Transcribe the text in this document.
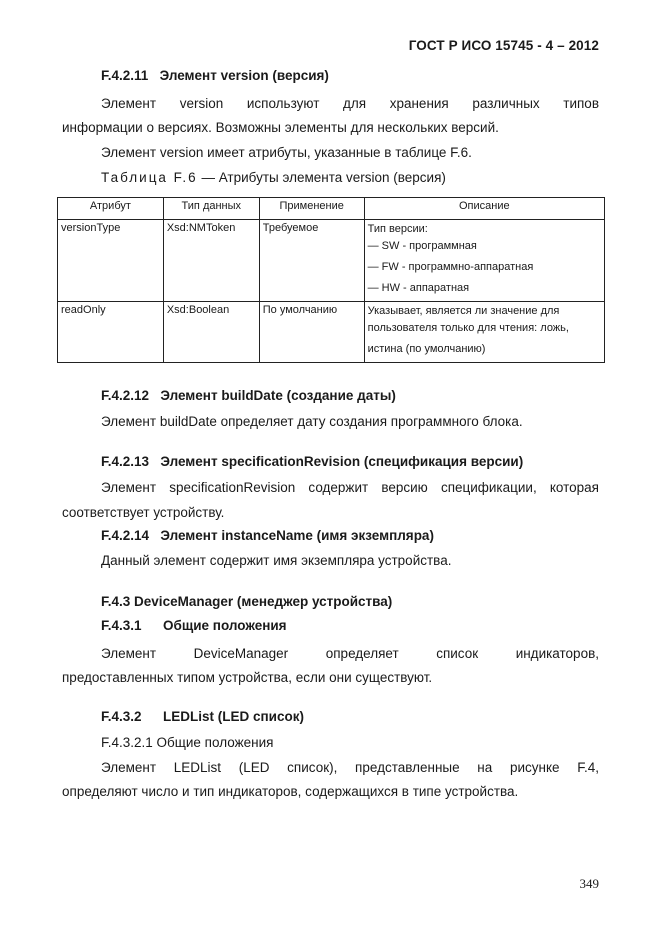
ГОСТ Р ИСО 15745 - 4 – 2012
F.4.2.11 Элемент version (версия)
Элемент version используют для хранения различных типов
информации о версиях. Возможны элементы для нескольких версий.
Элемент version имеет атрибуты, указанные в таблице F.6.
Таблица F.6 — Атрибуты элемента version (версия)
Атрибут	Тип данных	Применение	Описание
versionType	Xsd:NMToken	Требуемое	Тип версии:
— SW - программная
— FW - программно-аппаратная
— HW - аппаратная

readOnly	Xsd:Boolean	По умолчанию	Указывает, является ли значение для
пользователя только для чтения: ложь,
истина (по умолчанию)
F.4.2.12 Элемент buildDate (создание даты)
Элемент buildDate определяет дату создания программного блока.
F.4.2.13 Элемент specificationRevision (спецификация версии)
Элемент specificationRevision содержит версию спецификации, которая
соответствует устройству.
F.4.2.14 Элемент instanceName (имя экземпляра)
Данный элемент содержит имя экземпляра устройства.
F.4.3 DeviceManager (менеджер устройства)
F.4.3.1 Общие положения
Элемент DeviceManager определяет список индикаторов,
предоставленных типом устройства, если они существуют.
F.4.3.2 LEDList (LED список)
F.4.3.2.1 Общие положения
Элемент LEDList (LED список), представленные на рисунке F.4,
определяют число и тип индикаторов, содержащихся в типе устройства.
349
